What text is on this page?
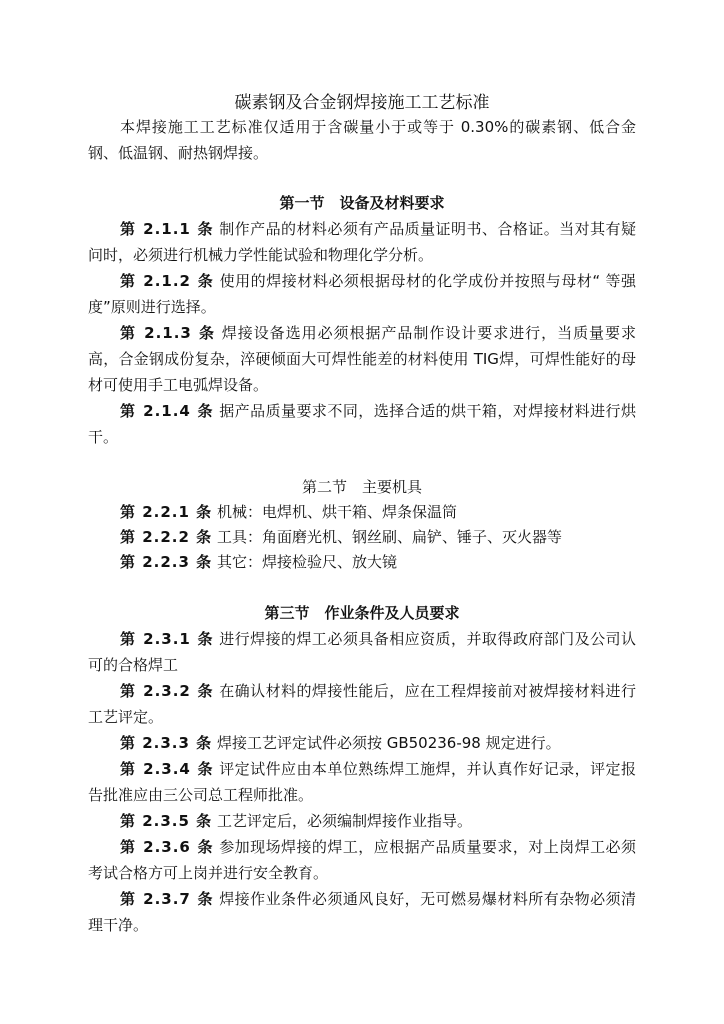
碳素钢及合金钢焊接施工工艺标准
本焊接施工工艺标准仅适用于含碳量小于或等于 0.30%的碳素钢、低合金钢、低温钢、耐热钢焊接。
第一节　设备及材料要求
第 2.1.1 条 制作产品的材料必须有产品质量证明书、合格证。当对其有疑问时，必须进行机械力学性能试验和物理化学分析。
第 2.1.2 条 使用的焊接材料必须根据母材的化学成份并按照与母材“ 等强度”原则进行选择。
第 2.1.3 条 焊接设备选用必须根据产品制作设计要求进行，当质量要求高，合金钢成份复杂，淬硬倾面大可焊性能差的材料使用 TIG焊，可焊性能好的母材可使用手工电弧焊设备。
第 2.1.4 条 据产品质量要求不同，选择合适的烘干箱，对焊接材料进行烘干。
第二节　主要机具
第 2.2.1 条 机械：电焊机、烘干箱、焊条保温筒
第 2.2.2 条 工具：角面磨光机、钢丝刷、扁铲、锤子、灭火器等
第 2.2.3 条 其它：焊接检验尺、放大镜
第三节　作业条件及人员要求
第 2.3.1 条 进行焊接的焊工必须具备相应资质，并取得政府部门及公司认可的合格焊工
第 2.3.2 条 在确认材料的焊接性能后，应在工程焊接前对被焊接材料进行工艺评定。
第 2.3.3 条 焊接工艺评定试件必须按 GB50236-98 规定进行。
第 2.3.4 条 评定试件应由本单位熟练焊工施焊，并认真作好记录，评定报告批准应由三公司总工程师批准。
第 2.3.5 条 工艺评定后，必须编制焊接作业指导。
第 2.3.6 条 参加现场焊接的焊工，应根据产品质量要求，对上岗焊工必须考试合格方可上岗并进行安全教育。
第 2.3.7 条 焊接作业条件必须通风良好，无可燃易爆材料所有杂物必须清理干净。
